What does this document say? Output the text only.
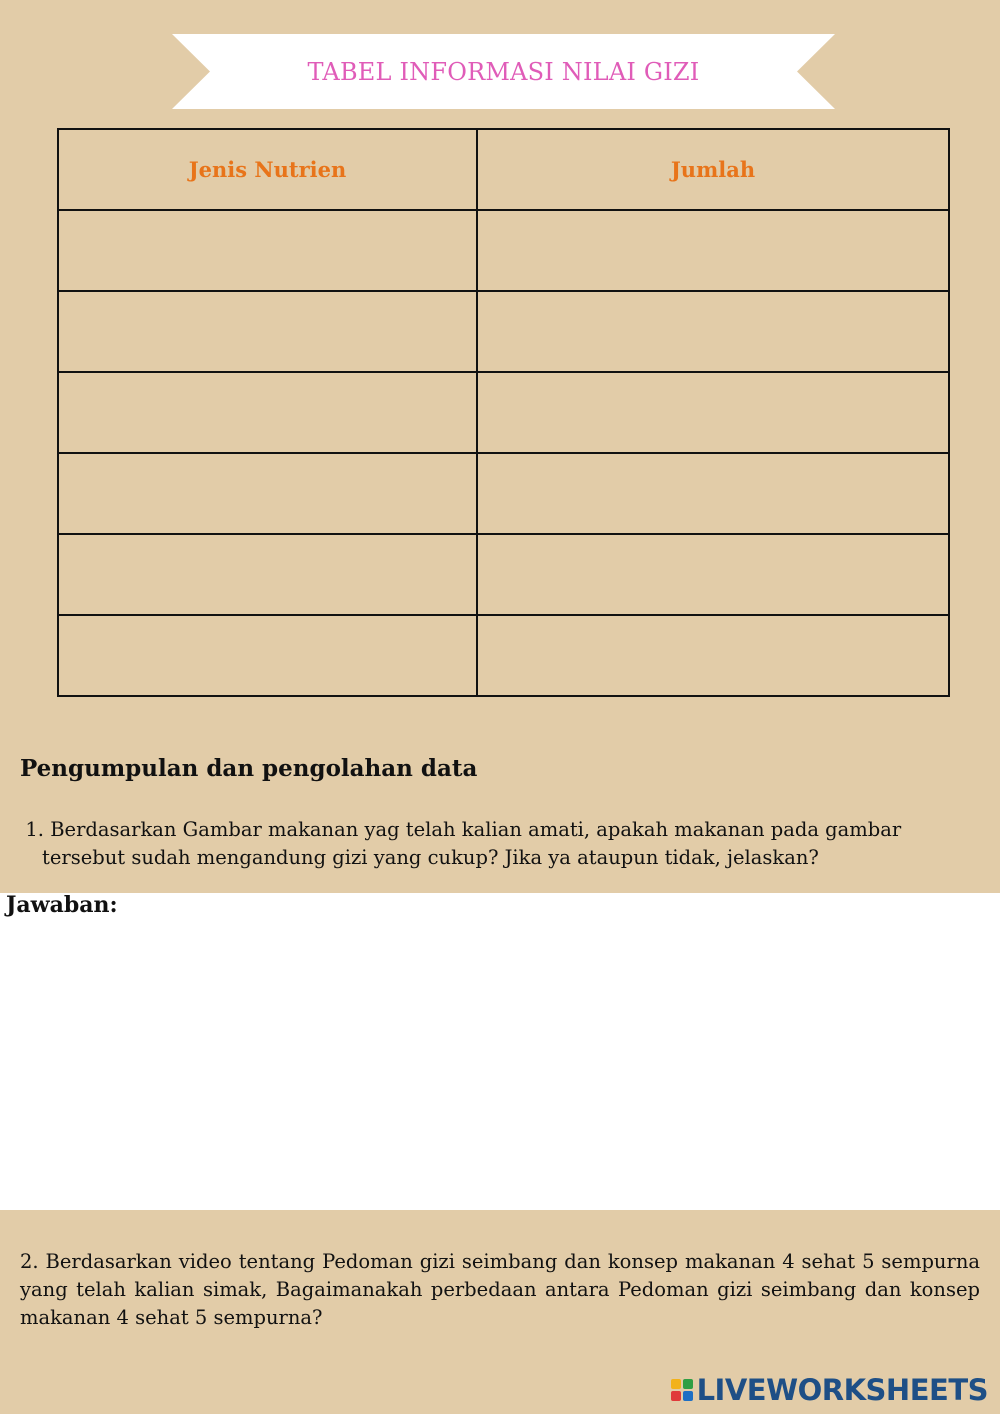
TABEL INFORMASI NILAI GIZI
Jenis Nutrien	Jumlah

Pengumpulan dan pengolahan data
1. Berdasarkan Gambar makanan yag telah kalian amati, apakah makanan pada gambar
tersebut sudah mengandung gizi yang cukup? Jika ya ataupun tidak, jelaskan?
Jawaban:
2. Berdasarkan video tentang Pedoman gizi seimbang dan konsep makanan 4 sehat 5 sempurna yang telah kalian simak, Bagaimanakah perbedaan antara Pedoman gizi seimbang dan konsep makanan 4 sehat 5 sempurna?
LIVEWORKSHEETS
